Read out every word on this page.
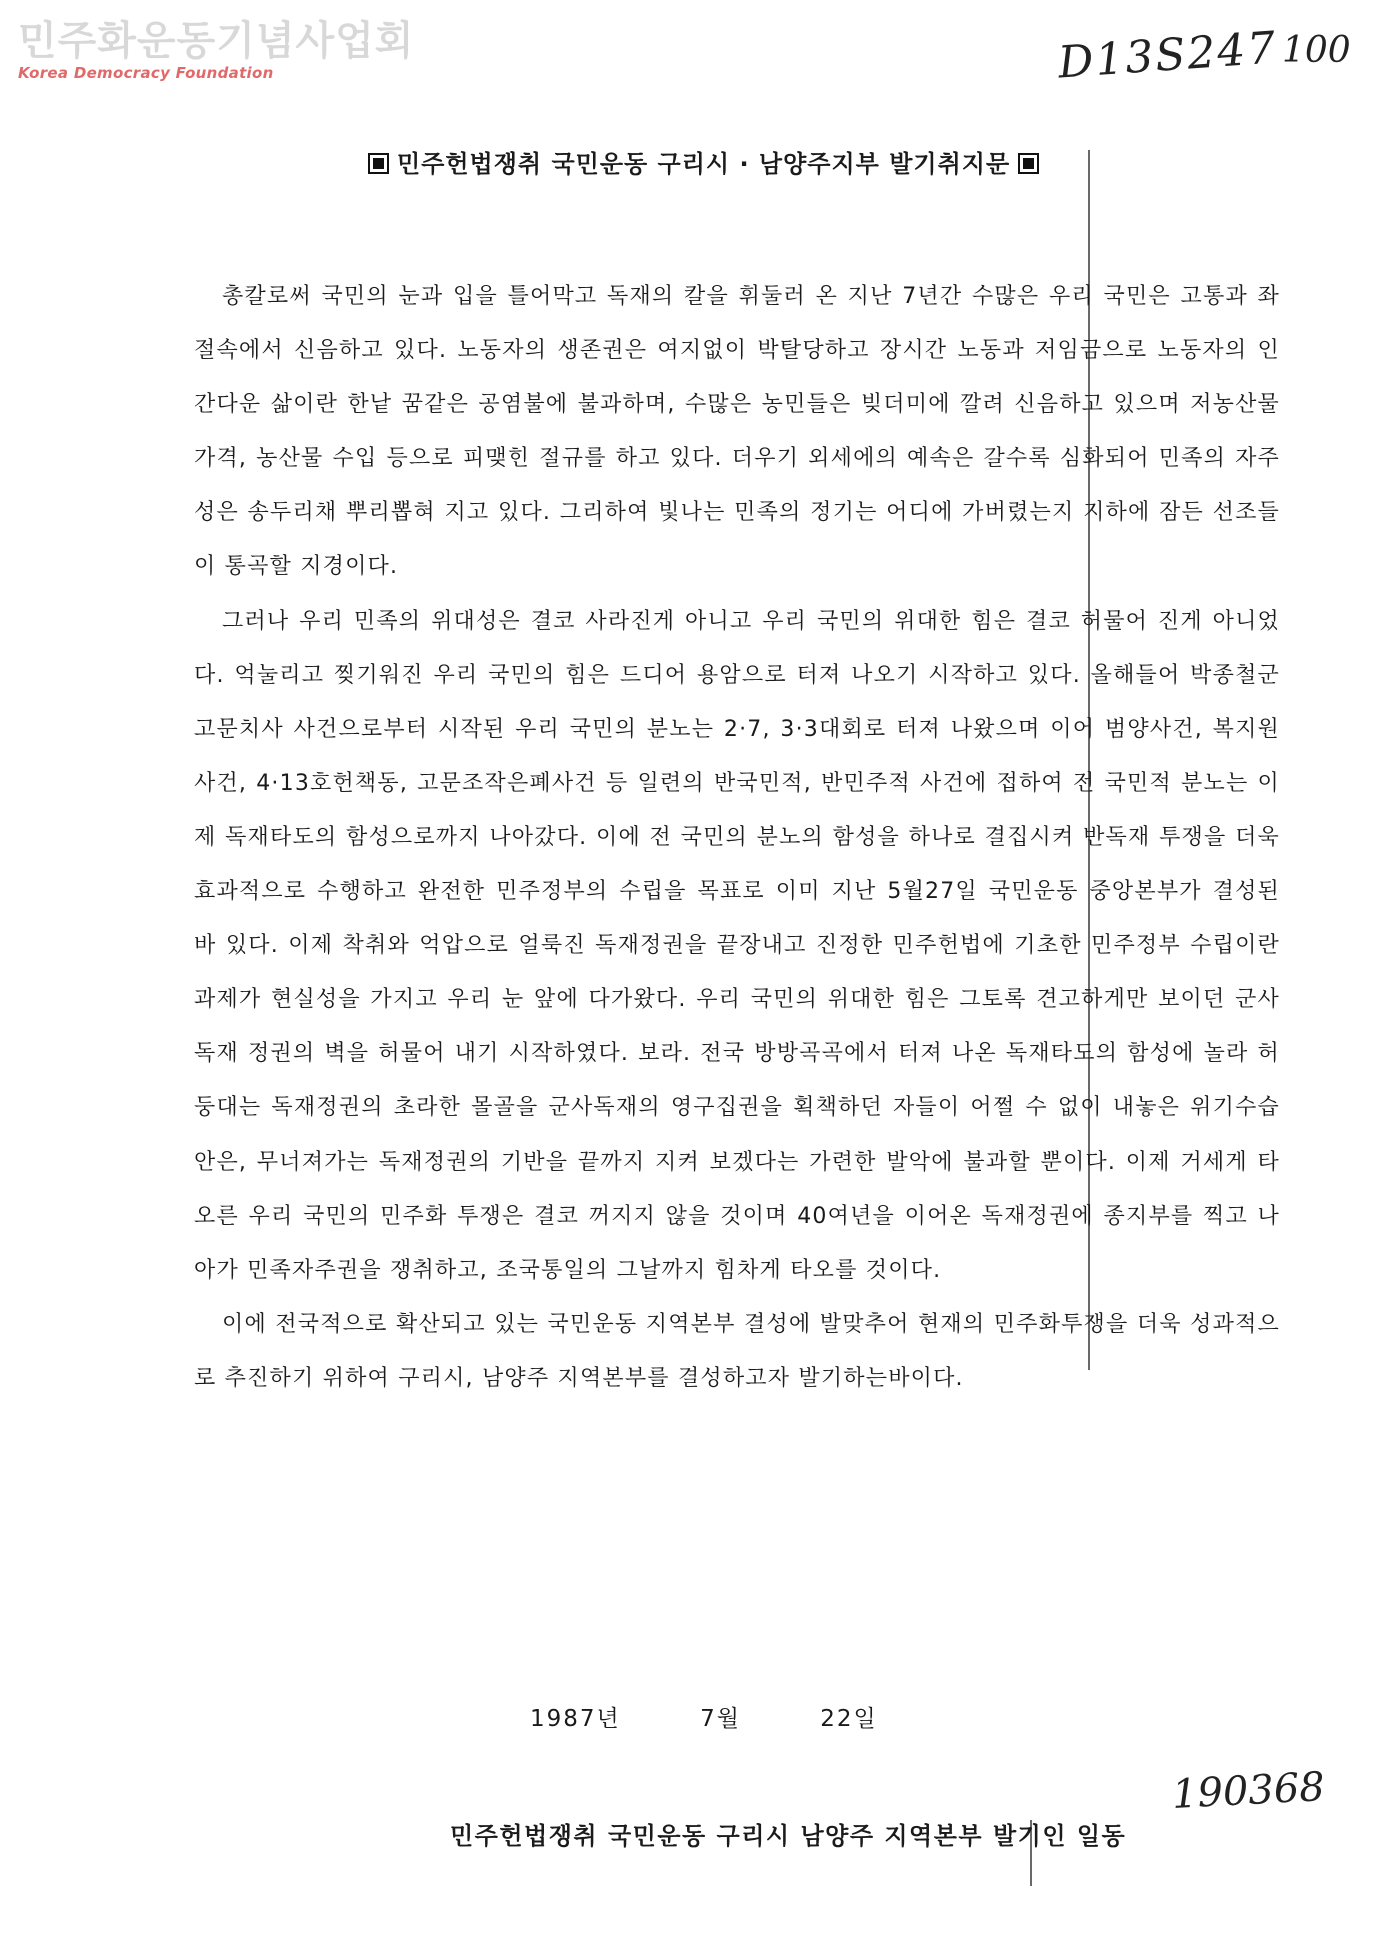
민주화운동기념사업회
Korea Democracy Foundation	D13S247 100
민주헌법쟁취 국민운동 구리시 · 남양주지부 발기취지문

총칼로써 국민의 눈과 입을 틀어막고 독재의 칼을 휘둘러 온 지난 7년간 수많은 우리 국민은 고통과 좌절속에서 신음하고 있다. 노동자의 생존권은 여지없이 박탈당하고 장시간 노동과 저임금으로 노동자의 인간다운 삶이란 한낱 꿈같은 공염불에 불과하며, 수많은 농민들은 빚더미에 깔려 신음하고 있으며 저농산물 가격, 농산물 수입 등으로 피맺힌 절규를 하고 있다. 더우기 외세에의 예속은 갈수록 심화되어 민족의 자주성은 송두리채 뿌리뽑혀 지고 있다. 그리하여 빛나는 민족의 정기는 어디에 가버렸는지 지하에 잠든 선조들이 통곡할 지경이다.

그러나 우리 민족의 위대성은 결코 사라진게 아니고 우리 국민의 위대한 힘은 결코 허물어 진게 아니었다. 억눌리고 찢기워진 우리 국민의 힘은 드디어 용암으로 터져 나오기 시작하고 있다. 올해들어 박종철군 고문치사 사건으로부터 시작된 우리 국민의 분노는 2·7, 3·3대회로 터져 나왔으며 이어 범양사건, 복지원 사건, 4·13호헌책동, 고문조작은폐사건 등 일련의 반국민적, 반민주적 사건에 접하여 전 국민적 분노는 이제 독재타도의 함성으로까지 나아갔다. 이에 전 국민의 분노의 함성을 하나로 결집시켜 반독재 투쟁을 더욱 효과적으로 수행하고 완전한 민주정부의 수립을 목표로 이미 지난 5월27일 국민운동 중앙본부가 결성된 바 있다. 이제 착취와 억압으로 얼룩진 독재정권을 끝장내고 진정한 민주헌법에 기초한 민주정부 수립이란 과제가 현실성을 가지고 우리 눈 앞에 다가왔다. 우리 국민의 위대한 힘은 그토록 견고하게만 보이던 군사독재 정권의 벽을 허물어 내기 시작하였다. 보라. 전국 방방곡곡에서 터져 나온 독재타도의 함성에 놀라 허둥대는 독재정권의 초라한 몰골을 군사독재의 영구집권을 획책하던 자들이 어쩔 수 없이 내놓은 위기수습안은, 무너져가는 독재정권의 기반을 끝까지 지켜 보겠다는 가련한 발악에 불과할 뿐이다. 이제 거세게 타오른 우리 국민의 민주화 투쟁은 결코 꺼지지 않을 것이며 40여년을 이어온 독재정권에 종지부를 찍고 나아가 민족자주권을 쟁취하고, 조국통일의 그날까지 힘차게 타오를 것이다.

이에 전국적으로 확산되고 있는 국민운동 지역본부 결성에 발맞추어 현재의 민주화투쟁을 더욱 성과적으로 추진하기 위하여 구리시, 남양주 지역본부를 결성하고자 발기하는바이다.

1987년	7월	22일
190368
민주헌법쟁취 국민운동 구리시 남양주 지역본부 발기인 일동
